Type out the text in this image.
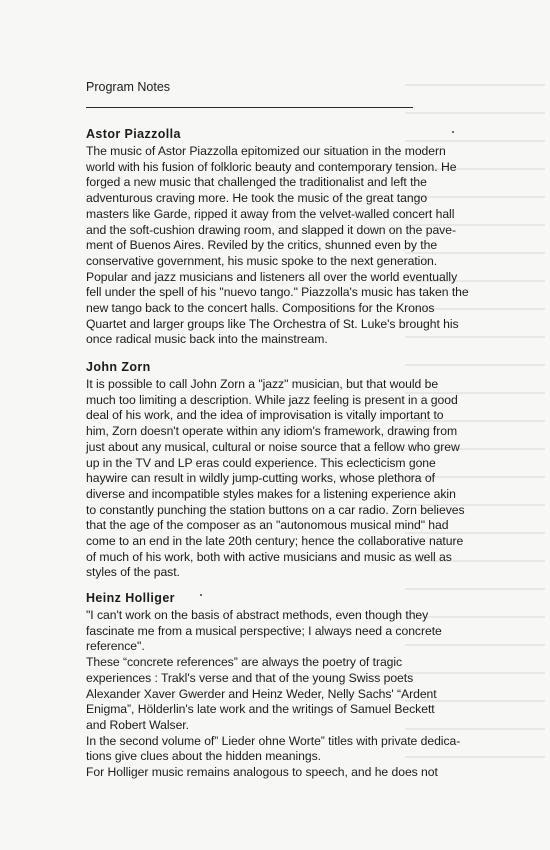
Program Notes
Astor Piazzolla
The music of Astor Piazzolla epitomized our situation in the modern
world with his fusion of folkloric beauty and contemporary tension. He
forged a new music that challenged the traditionalist and left the
adventurous craving more. He took the music of the great tango
masters like Garde, ripped it away from the velvet-walled concert hall
and the soft-cushion drawing room, and slapped it down on the pave-
ment of Buenos Aires. Reviled by the critics, shunned even by the
conservative government, his music spoke to the next generation.
Popular and jazz musicians and listeners all over the world eventually
fell under the spell of his "nuevo tango." Piazzolla's music has taken the
new tango back to the concert halls. Compositions for the Kronos
Quartet and larger groups like The Orchestra of St. Luke's brought his
once radical music back into the mainstream.
John Zorn
It is possible to call John Zorn a "jazz" musician, but that would be
much too limiting a description. While jazz feeling is present in a good
deal of his work, and the idea of improvisation is vitally important to
him, Zorn doesn't operate within any idiom's framework, drawing from
just about any musical, cultural or noise source that a fellow who grew
up in the TV and LP eras could experience. This eclecticism gone
haywire can result in wildly jump-cutting works, whose plethora of
diverse and incompatible styles makes for a listening experience akin
to constantly punching the station buttons on a car radio. Zorn believes
that the age of the composer as an "autonomous musical mind" had
come to an end in the late 20th century; hence the collaborative nature
of much of his work, both with active musicians and music as well as
styles of the past.
Heinz Holliger
"I can't work on the basis of abstract methods, even though they
fascinate me from a musical perspective; I always need a concrete
reference".
These “concrete references” are always the poetry of tragic
experiences : Trakl's verse and that of the young Swiss poets
Alexander Xaver Gwerder and Heinz Weder, Nelly Sachs' “Ardent
Enigma”, Hölderlin's late work and the writings of Samuel Beckett
and Robert Walser.
In the second volume of” Lieder ohne Worte” titles with private dedica-
tions give clues about the hidden meanings.
For Holliger music remains analogous to speech, and he does not
